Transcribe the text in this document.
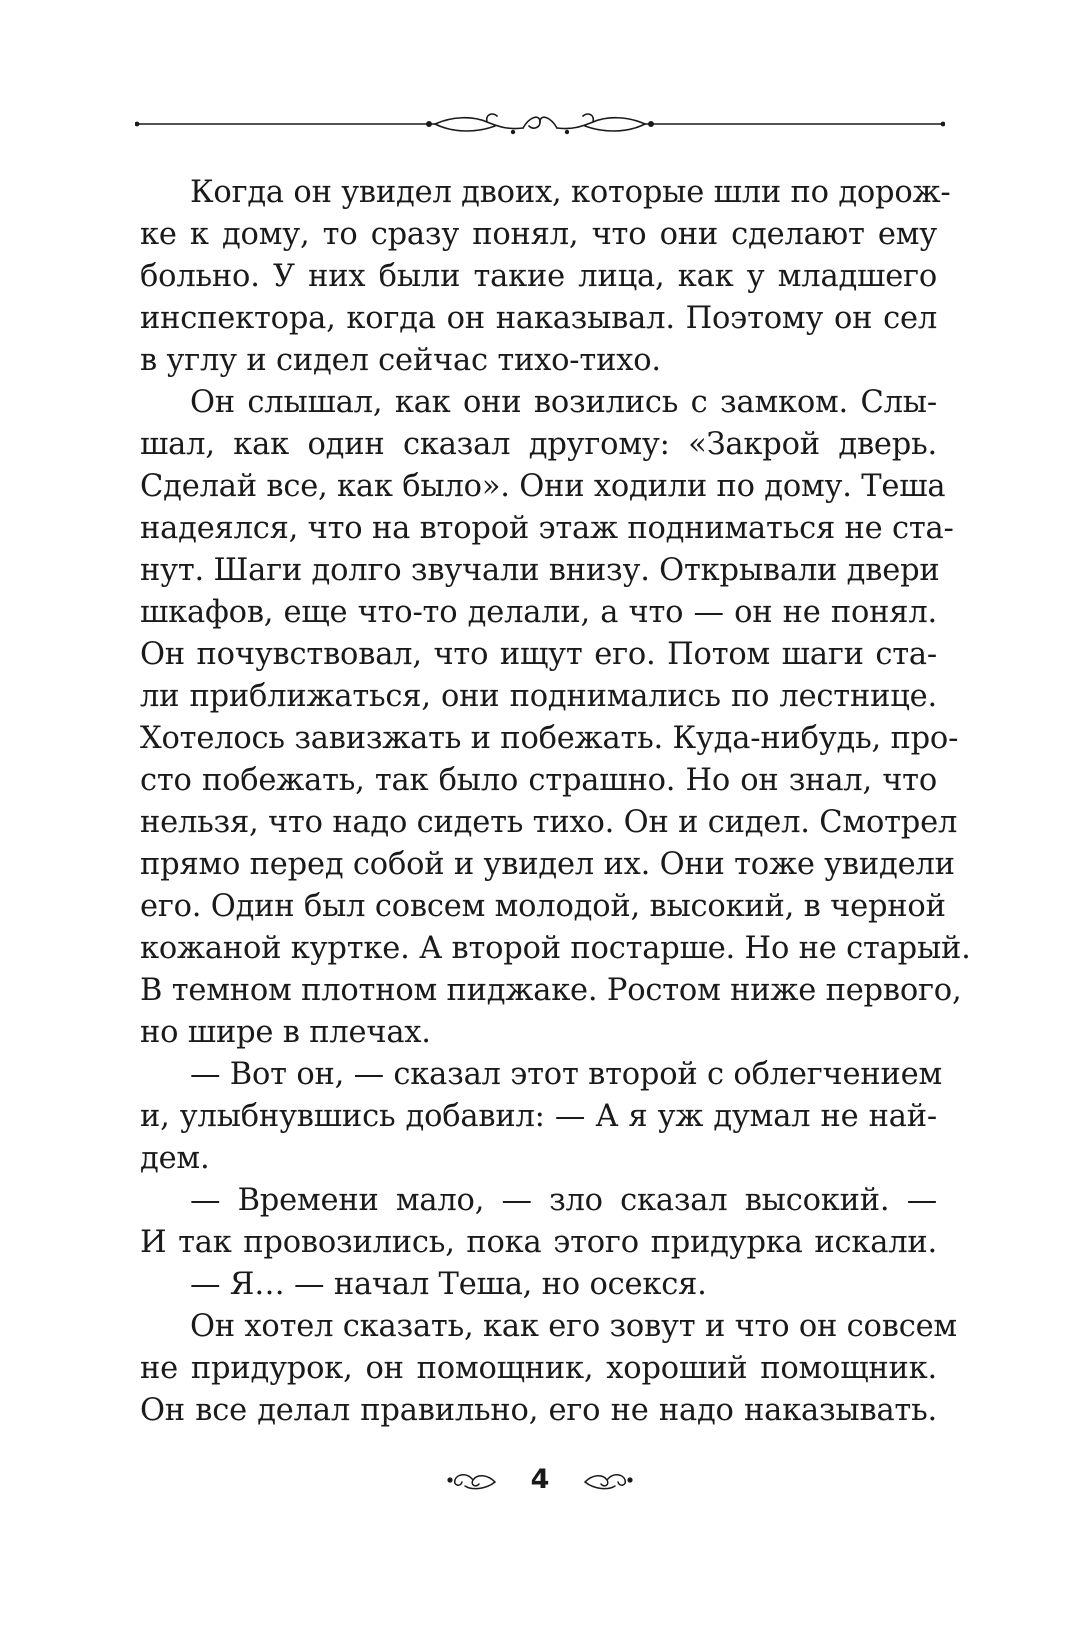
Когда он увидел двоих, которые шли по дорож-
ке к дому, то сразу понял, что они сделают ему
больно. У них были такие лица, как у младшего
инспектора, когда он наказывал. Поэтому он сел
в углу и сидел сейчас тихо-тихо.
Он слышал, как они возились с замком. Слы-
шал, как один сказал другому: «Закрой дверь.
Сделай все, как было». Они ходили по дому. Теша
надеялся, что на второй этаж подниматься не ста-
нут. Шаги долго звучали внизу. Открывали двери
шкафов, еще что-то делали, а что — он не понял.
Он почувствовал, что ищут его. Потом шаги ста-
ли приближаться, они поднимались по лестнице.
Хотелось завизжать и побежать. Куда-нибудь, про-
сто побежать, так было страшно. Но он знал, что
нельзя, что надо сидеть тихо. Он и сидел. Смотрел
прямо перед собой и увидел их. Они тоже увидели
его. Один был совсем молодой, высокий, в черной
кожаной куртке. А второй постарше. Но не старый.
В темном плотном пиджаке. Ростом ниже первого,
но шире в плечах.
— Вот он, — сказал этот второй с облегчением
и, улыбнувшись добавил: — А я уж думал не най-
дем.
— Времени мало, — зло сказал высокий. —
И так провозились, пока этого придурка искали.
— Я… — начал Теша, но осекся.
Он хотел сказать, как его зовут и что он совсем
не придурок, он помощник, хороший помощник.
Он все делал правильно, его не надо наказывать.
4
